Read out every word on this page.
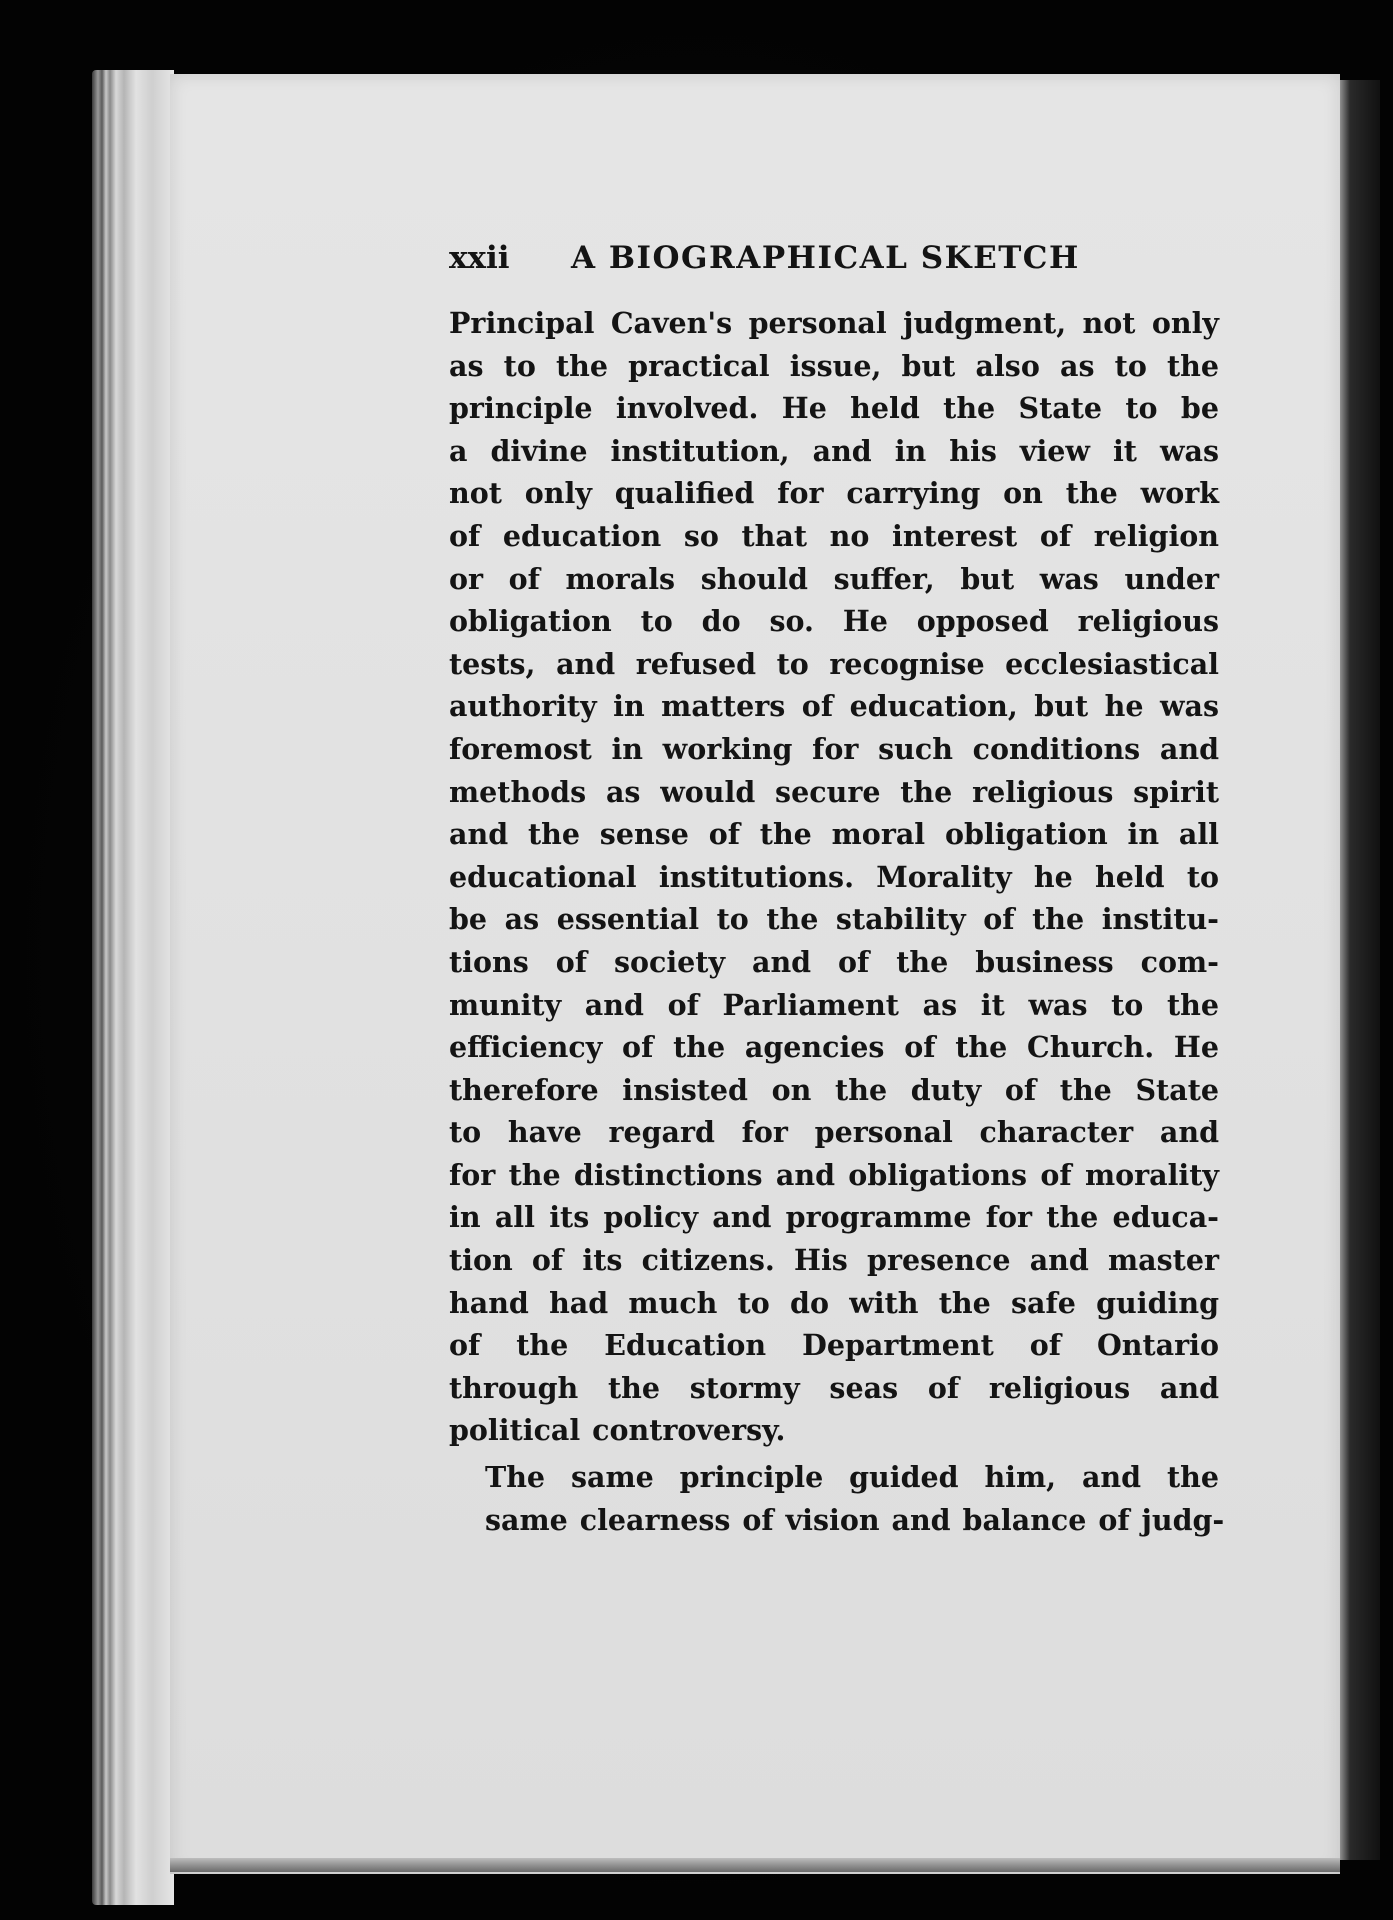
xxii	A BIOGRAPHICAL SKETCH

Principal Caven's personal judgment, not only
as to the practical issue, but also as to the
principle involved. He held the State to be
a divine institution, and in his view it was
not only qualified for carrying on the work
of education so that no interest of religion
or of morals should suffer, but was under
obligation to do so. He opposed religious
tests, and refused to recognise ecclesiastical
authority in matters of education, but he was
foremost in working for such conditions and
methods as would secure the religious spirit
and the sense of the moral obligation in all
educational institutions. Morality he held to
be as essential to the stability of the institu-
tions of society and of the business com-
munity and of Parliament as it was to the
efficiency of the agencies of the Church. He
therefore insisted on the duty of the State
to have regard for personal character and
for the distinctions and obligations of morality
in all its policy and programme for the educa-
tion of its citizens. His presence and master
hand had much to do with the safe guiding
of the Education Department of Ontario
through the stormy seas of religious and
political controversy.

The same principle guided him, and the
same clearness of vision and balance of judg-
